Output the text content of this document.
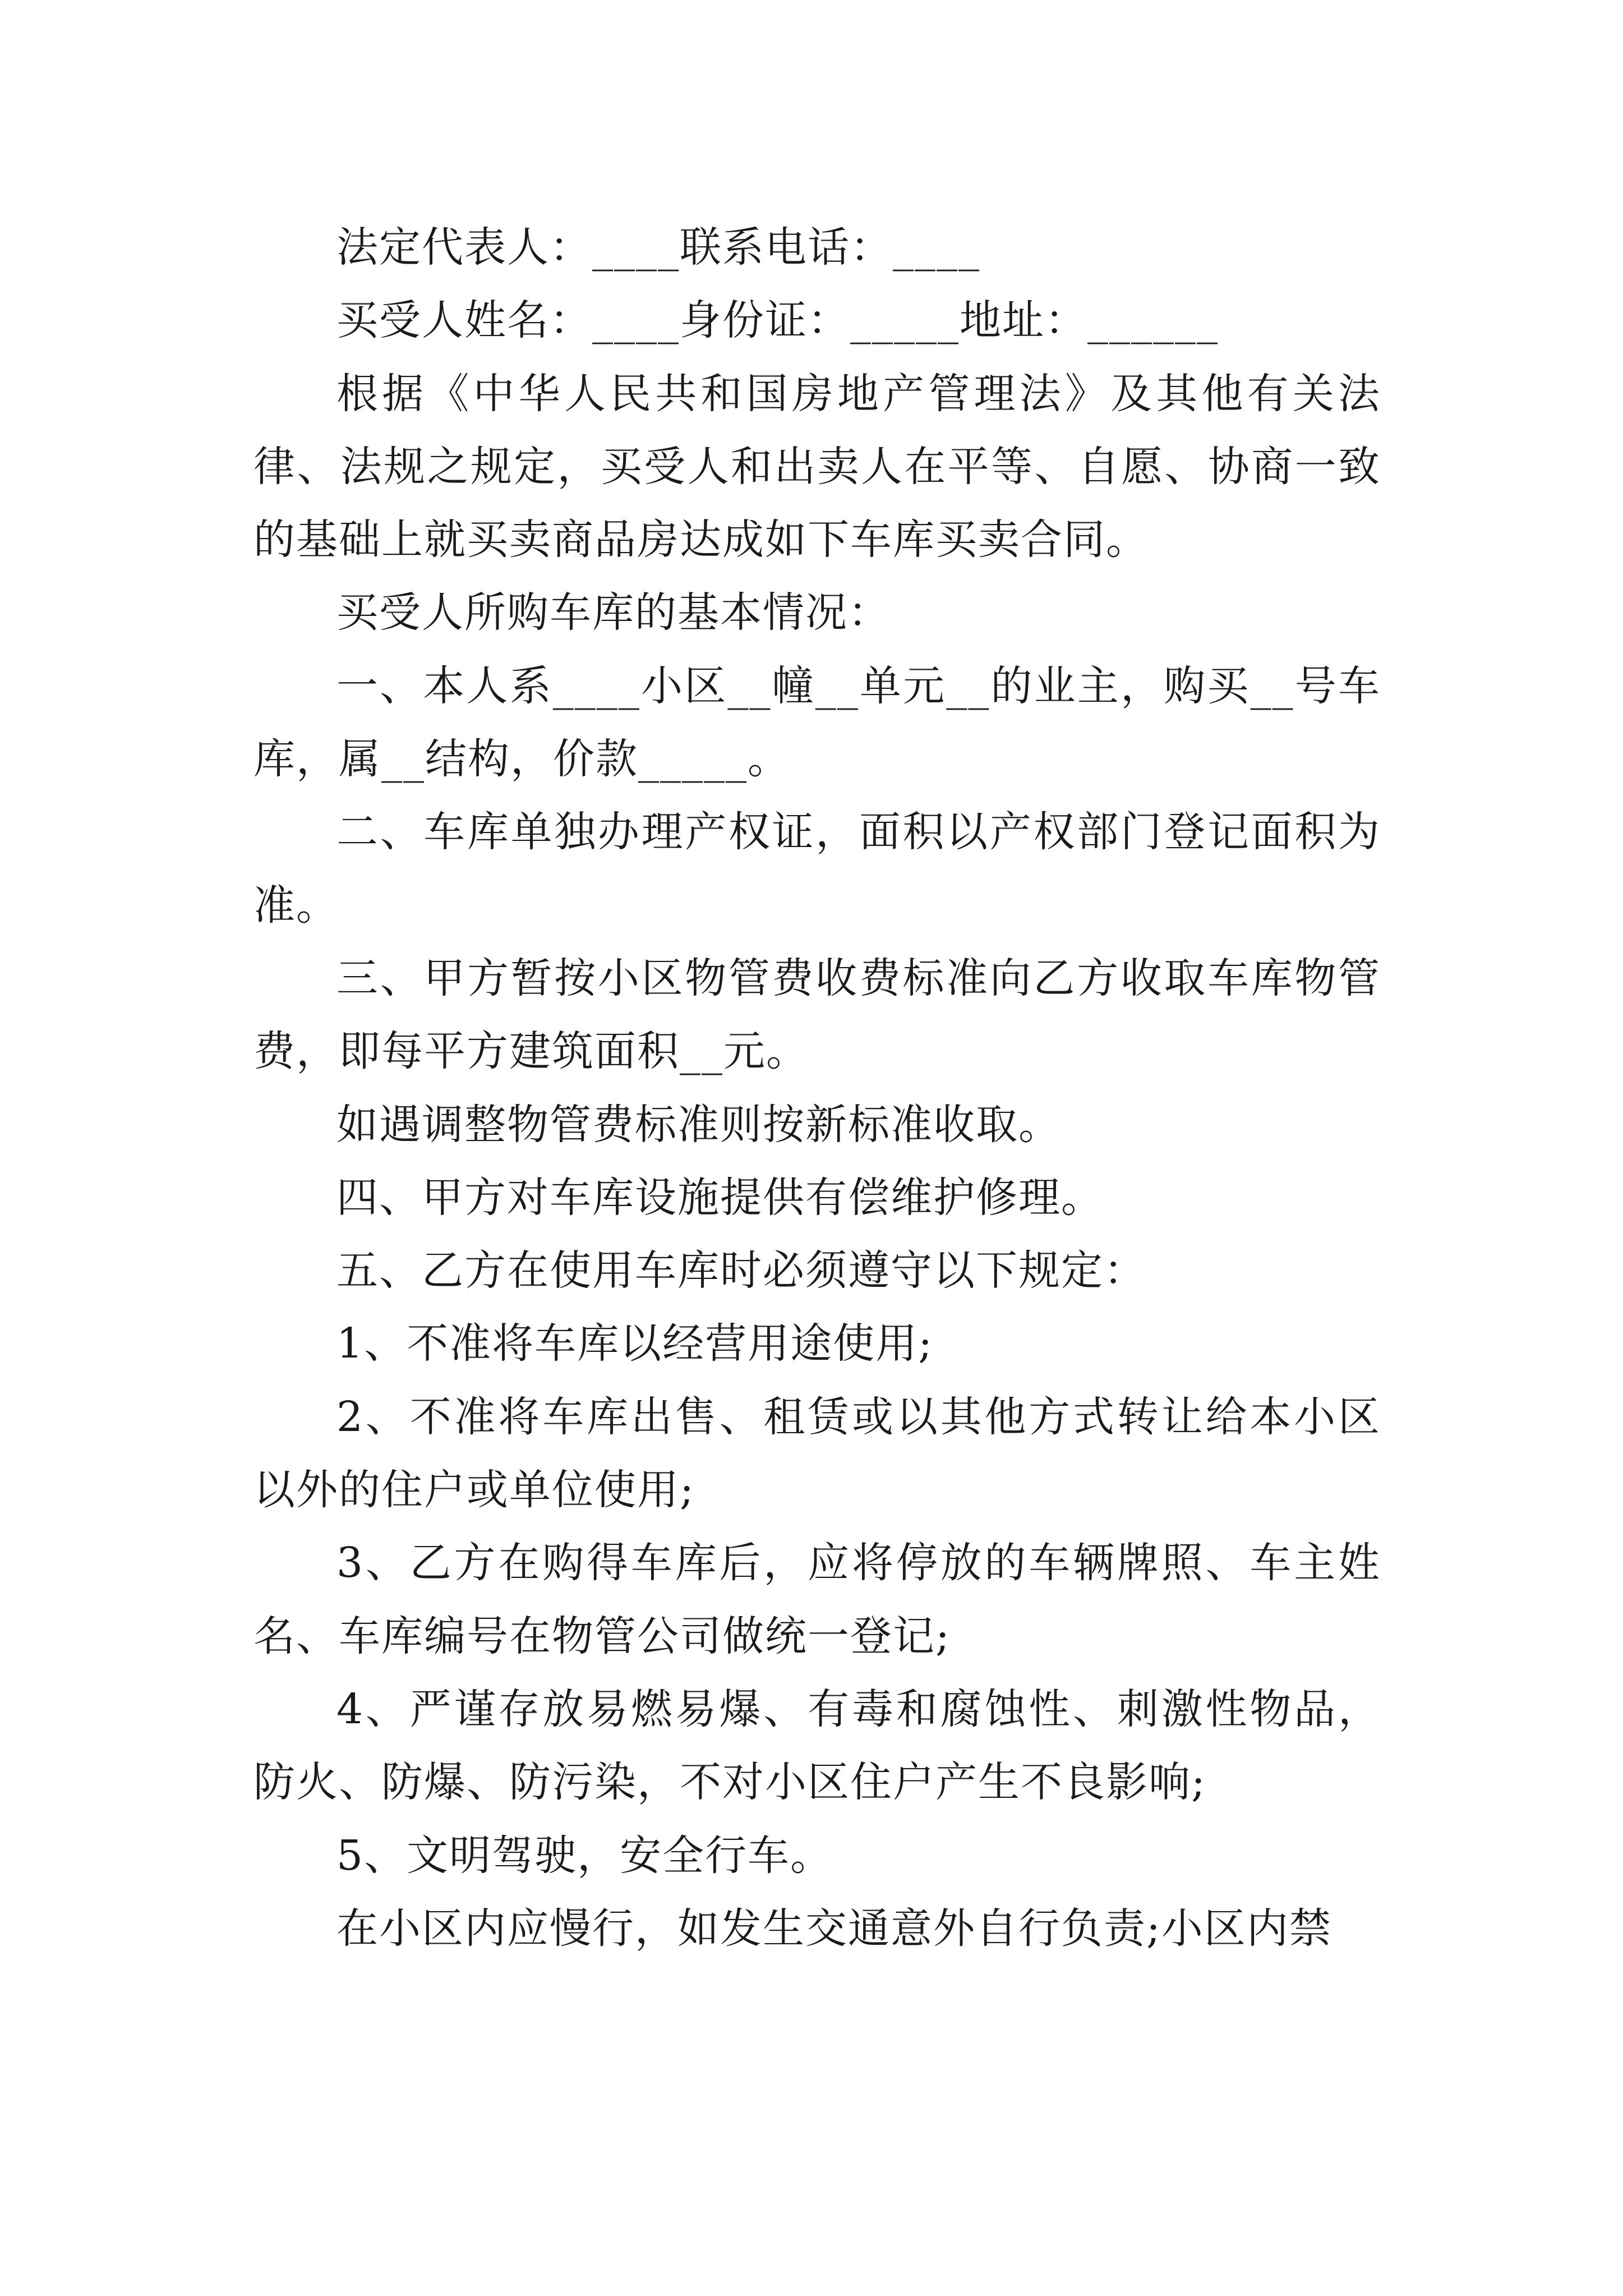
法定代表人：____联系电话：____

买受人姓名：____身份证：_____地址：______

根据《中华人民共和国房地产管理法》及其他有关法律、法规之规定，买受人和出卖人在平等、自愿、协商一致的基础上就买卖商品房达成如下车库买卖合同。

买受人所购车库的基本情况：

一、本人系____小区__幢__单元__的业主，购买__号车库，属__结构，价款_____。

二、车库单独办理产权证，面积以产权部门登记面积为准。

三、甲方暂按小区物管费收费标准向乙方收取车库物管费，即每平方建筑面积__元。

如遇调整物管费标准则按新标准收取。

四、甲方对车库设施提供有偿维护修理。

五、乙方在使用车库时必须遵守以下规定：

1、不准将车库以经营用途使用;

2、不准将车库出售、租赁或以其他方式转让给本小区以外的住户或单位使用;

3、乙方在购得车库后，应将停放的车辆牌照、车主姓名、车库编号在物管公司做统一登记;

4、严谨存放易燃易爆、有毒和腐蚀性、刺激性物品，防火、防爆、防污染，不对小区住户产生不良影响;

5、文明驾驶，安全行车。

在小区内应慢行，如发生交通意外自行负责;小区内禁
